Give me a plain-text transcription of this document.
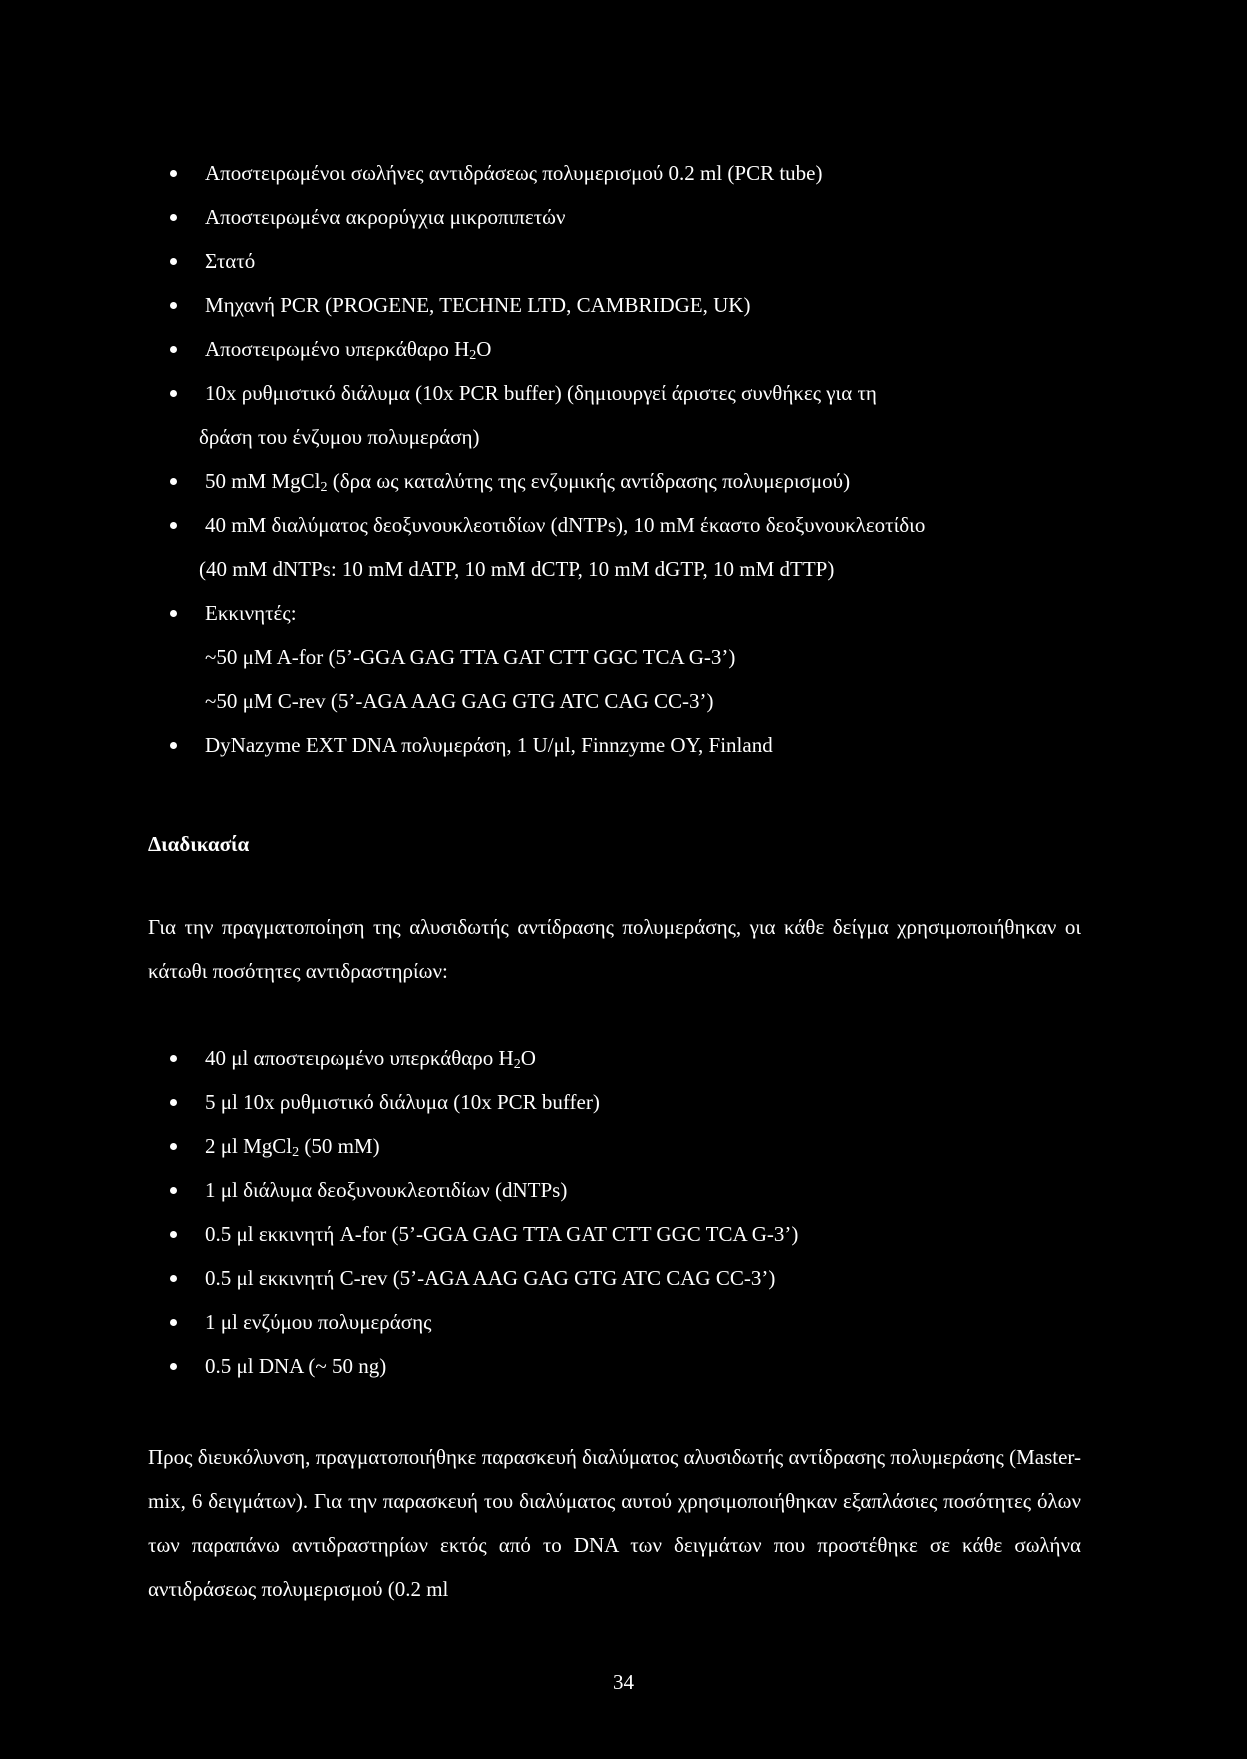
Αποστειρωμένοι σωλήνες αντιδράσεως πολυμερισμού 0.2 ml (PCR tube)
Αποστειρωμένα ακρορύγχια μικροπιπετών
Στατό
Μηχανή PCR (PROGENE, TECHNE LTD, CAMBRIDGE, UK)
Αποστειρωμένο υπερκάθαρο $H_2O$
10x ρυθμιστικό διάλυμα (10x PCR buffer) (δημιουργεί άριστες συνθήκες για τη
δράση του ένζυμου πολυμεράση)
50 mM MgCl$_2$ (δρα ως καταλύτης της ενζυμικής αντίδρασης πολυμερισμού)
40 mM διαλύματος δεοξυνουκλεοτιδίων (dNTPs), 10 mM έκαστο δεοξυνουκλεοτίδιο
(40 mM dNTPs: 10 mM dATP, 10 mM dCTP, 10 mM dGTP, 10 mM dTTP)
Εκκινητές:
~50 μM A-for (5’-GGA GAG TTA GAT CTT GGC TCA G-3’)
~50 μM C-rev (5’-AGA AAG GAG GTG ATC CAG CC-3’)
DyNazyme EXT DNA πολυμεράση, 1 U/μl, Finnzyme OY, Finland
Διαδικασία

Για την πραγματοποίηση της αλυσιδωτής αντίδρασης πολυμεράσης, για κάθε δείγμα χρησιμοποιήθηκαν οι κάτωθι ποσότητες αντιδραστηρίων:

40 μl αποστειρωμένο υπερκάθαρο $H_2O$
5 μl 10x ρυθμιστικό διάλυμα (10x PCR buffer)
2 μl MgCl$_2$ (50 mM)
1 μl διάλυμα δεοξυνουκλεοτιδίων (dNTPs)
0.5 μl εκκινητή A-for (5’-GGA GAG TTA GAT CTT GGC TCA G-3’)
0.5 μl εκκινητή C-rev (5’-AGA AAG GAG GTG ATC CAG CC-3’)
1 μl ενζύμου πολυμεράσης
0.5 μl DNA (~ 50 ng)

Προς διευκόλυνση, πραγματοποιήθηκε παρασκευή διαλύματος αλυσιδωτής αντίδρασης πολυμεράσης (Master-mix, 6 δειγμάτων). Για την παρασκευή του διαλύματος αυτού χρησιμοποιήθηκαν εξαπλάσιες ποσότητες όλων των παραπάνω αντιδραστηρίων εκτός από το DNA των δειγμάτων που προστέθηκε σε κάθε σωλήνα αντιδράσεως πολυμερισμού (0.2 ml

34
